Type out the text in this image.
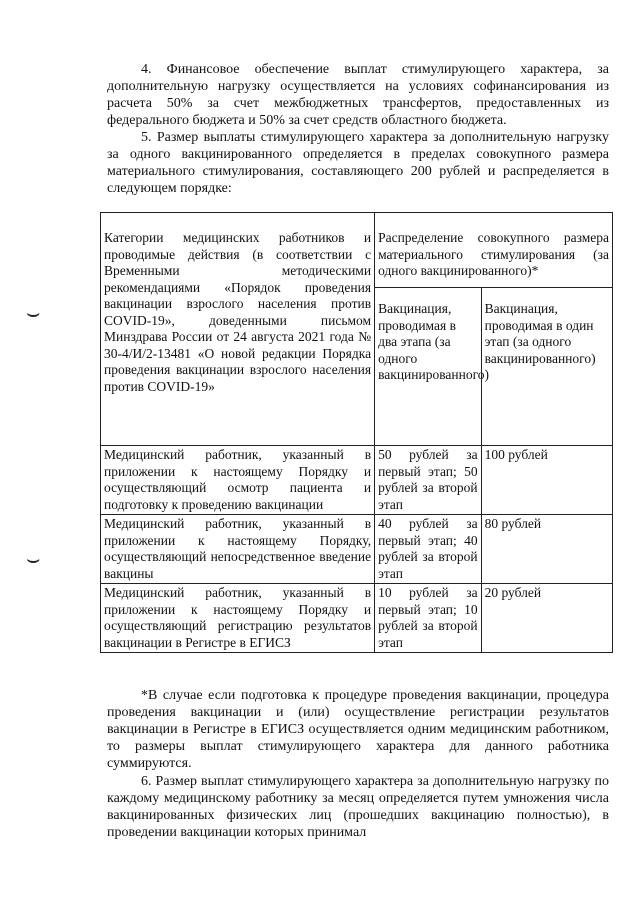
4. Финансовое обеспечение выплат стимулирующего характера, за дополнительную нагрузку осуществляется на условиях софинансирования из расчета 50% за счет межбюджетных трансфертов, предоставленных из федерального бюджета и 50% за счет средств областного бюджета.

5. Размер выплаты стимулирующего характера за дополнительную нагрузку за одного вакцинированного определяется в пределах совокупного размера материального стимулирования, составляющего 200 рублей и распределяется в следующем порядке:

⌣
⌣
Категории медицинских работников и проводимые действия (в соответствии с Временными методическими рекомендациями «Порядок проведения вакцинации взрослого населения против COVID-19», доведенными письмом Минздрава России от 24 августа 2021 года № 30-4/И/2-13481 «О новой редакции Порядка проведения вакцинации взрослого населения против COVID-19»	Распределение совокупного размера материального стимулирования (за одного вакцинированного)*	

Вакцинация, проводимая в два этапа (за одного вакцинированного)	Вакцинация, проводимая в один этап (за одного вакцинированного)
Медицинский работник, указанный в приложении к настоящему Порядку и осуществляющий осмотр пациента и подготовку к проведению вакцинации	50 рублей за первый этап; 50 рублей за второй этап	100 рублей
Медицинский работник, указанный в приложении к настоящему Порядку, осуществляющий непосредственное введение вакцины	40 рублей за первый этап; 40 рублей за второй этап	80 рублей
Медицинский работник, указанный в приложении к настоящему Порядку и осуществляющий регистрацию результатов вакцинации в Регистре в ЕГИСЗ	10 рублей за первый этап; 10 рублей за второй этап	20 рублей

*В случае если подготовка к процедуре проведения вакцинации, процедура проведения вакцинации и (или) осуществление регистрации результатов вакцинации в Регистре в ЕГИСЗ осуществляется одним медицинским работником, то размеры выплат стимулирующего характера для данного работника суммируются.

6. Размер выплат стимулирующего характера за дополнительную нагрузку по каждому медицинскому работнику за месяц определяется путем умножения числа вакцинированных физических лиц (прошедших вакцинацию полностью), в проведении вакцинации которых принимал
